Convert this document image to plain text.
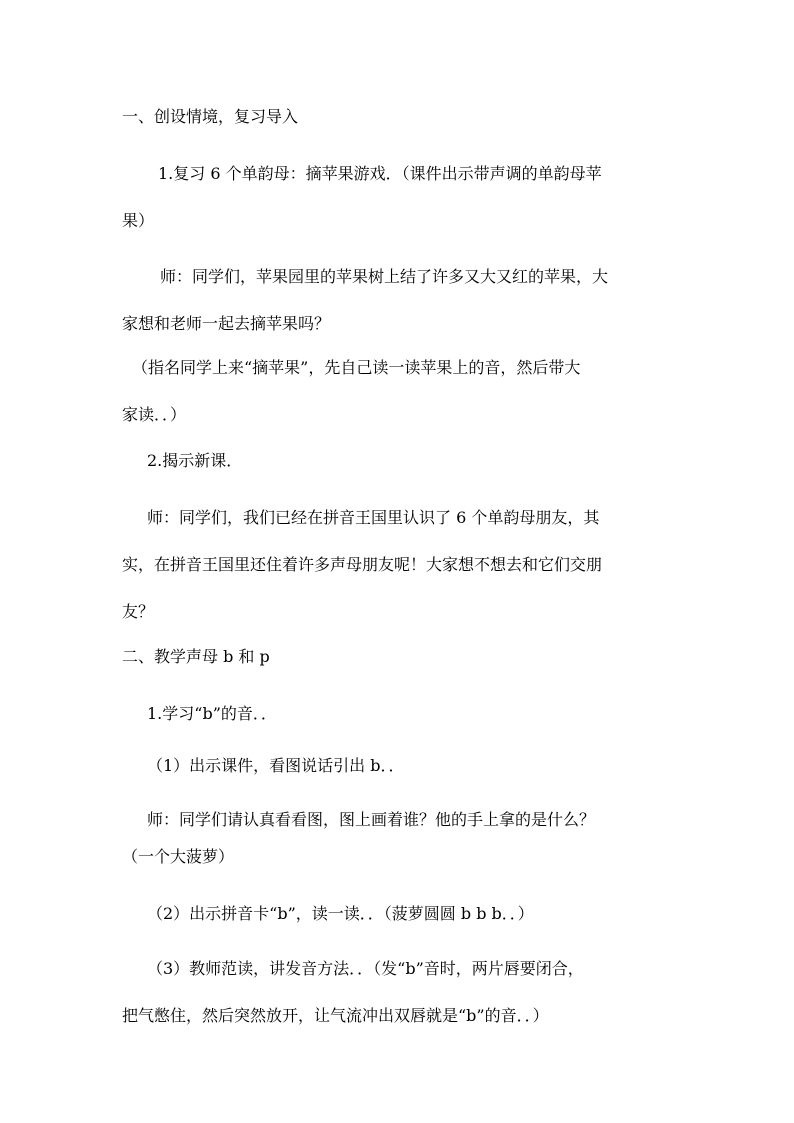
一、创设情境，复习导入
1.复习 6 个单韵母：摘苹果游戏．（课件出示带声调的单韵母苹
果）
师：同学们，苹果园里的苹果树上结了许多又大又红的苹果，大
家想和老师一起去摘苹果吗？
（指名同学上来“摘苹果”，先自己读一读苹果上的音，然后带大
家读．．）
2.揭示新课．
师：同学们，我们已经在拼音王国里认识了 6 个单韵母朋友，其
实，在拼音王国里还住着许多声母朋友呢！大家想不想去和它们交朋
友？
二、教学声母 b 和 p
1.学习“b”的音．．
（1）出示课件，看图说话引出 b．．
师：同学们请认真看看图，图上画着谁？他的手上拿的是什么？
（一个大菠萝）
（2）出示拼音卡“b”，读一读．．（菠萝圆圆 b b b．．）
（3）教师范读，讲发音方法．．（发“b”音时，两片唇要闭合，
把气憋住，然后突然放开，让气流冲出双唇就是“b”的音．．）
